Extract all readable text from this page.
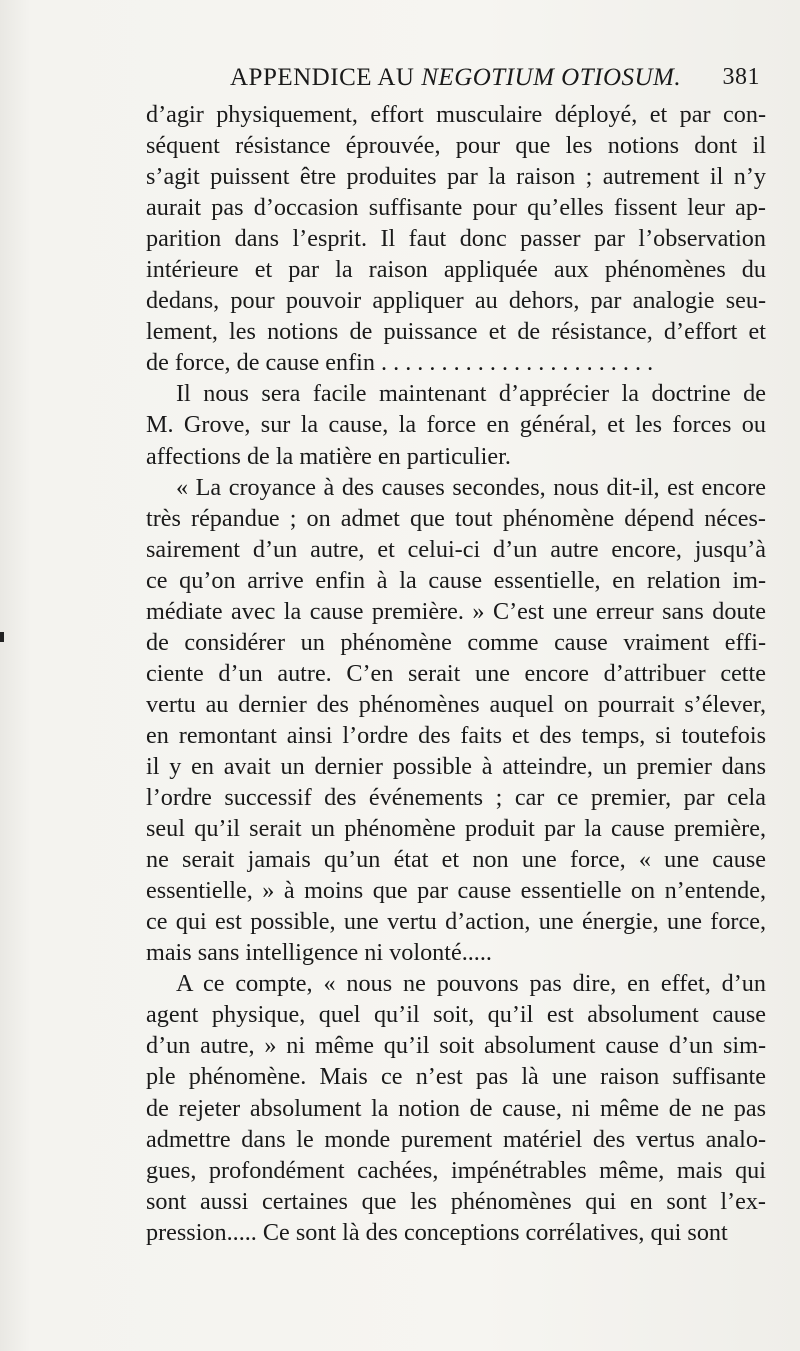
APPENDICE AU NEGOTIUM OTIOSUM. 381
d’agir physiquement, effort musculaire déployé, et par con-
séquent résistance éprouvée, pour que les notions dont il
s’agit puissent être produites par la raison ; autrement il n’y
aurait pas d’occasion suffisante pour qu’elles fissent leur ap-
parition dans l’esprit. Il faut donc passer par l’observation
intérieure et par la raison appliquée aux phénomènes du
dedans, pour pouvoir appliquer au dehors, par analogie seu-
lement, les notions de puissance et de résistance, d’effort et
de force, de cause enfin . . . . . . . . . . . . . . . . . . . . . . .
Il nous sera facile maintenant d’apprécier la doctrine de
M. Grove, sur la cause, la force en général, et les forces ou
affections de la matière en particulier.
« La croyance à des causes secondes, nous dit-il, est encore
très répandue ; on admet que tout phénomène dépend néces-
sairement d’un autre, et celui-ci d’un autre encore, jusqu’à
ce qu’on arrive enfin à la cause essentielle, en relation im-
médiate avec la cause première. » C’est une erreur sans doute
de considérer un phénomène comme cause vraiment effi-
ciente d’un autre. C’en serait une encore d’attribuer cette
vertu au dernier des phénomènes auquel on pourrait s’élever,
en remontant ainsi l’ordre des faits et des temps, si toutefois
il y en avait un dernier possible à atteindre, un premier dans
l’ordre successif des événements ; car ce premier, par cela
seul qu’il serait un phénomène produit par la cause première,
ne serait jamais qu’un état et non une force, « une cause
essentielle, » à moins que par cause essentielle on n’entende,
ce qui est possible, une vertu d’action, une énergie, une force,
mais sans intelligence ni volonté.....
A ce compte, « nous ne pouvons pas dire, en effet, d’un
agent physique, quel qu’il soit, qu’il est absolument cause
d’un autre, » ni même qu’il soit absolument cause d’un sim-
ple phénomène. Mais ce n’est pas là une raison suffisante
de rejeter absolument la notion de cause, ni même de ne pas
admettre dans le monde purement matériel des vertus analo-
gues, profondément cachées, impénétrables même, mais qui
sont aussi certaines que les phénomènes qui en sont l’ex-
pression..... Ce sont là des conceptions corrélatives, qui sont
